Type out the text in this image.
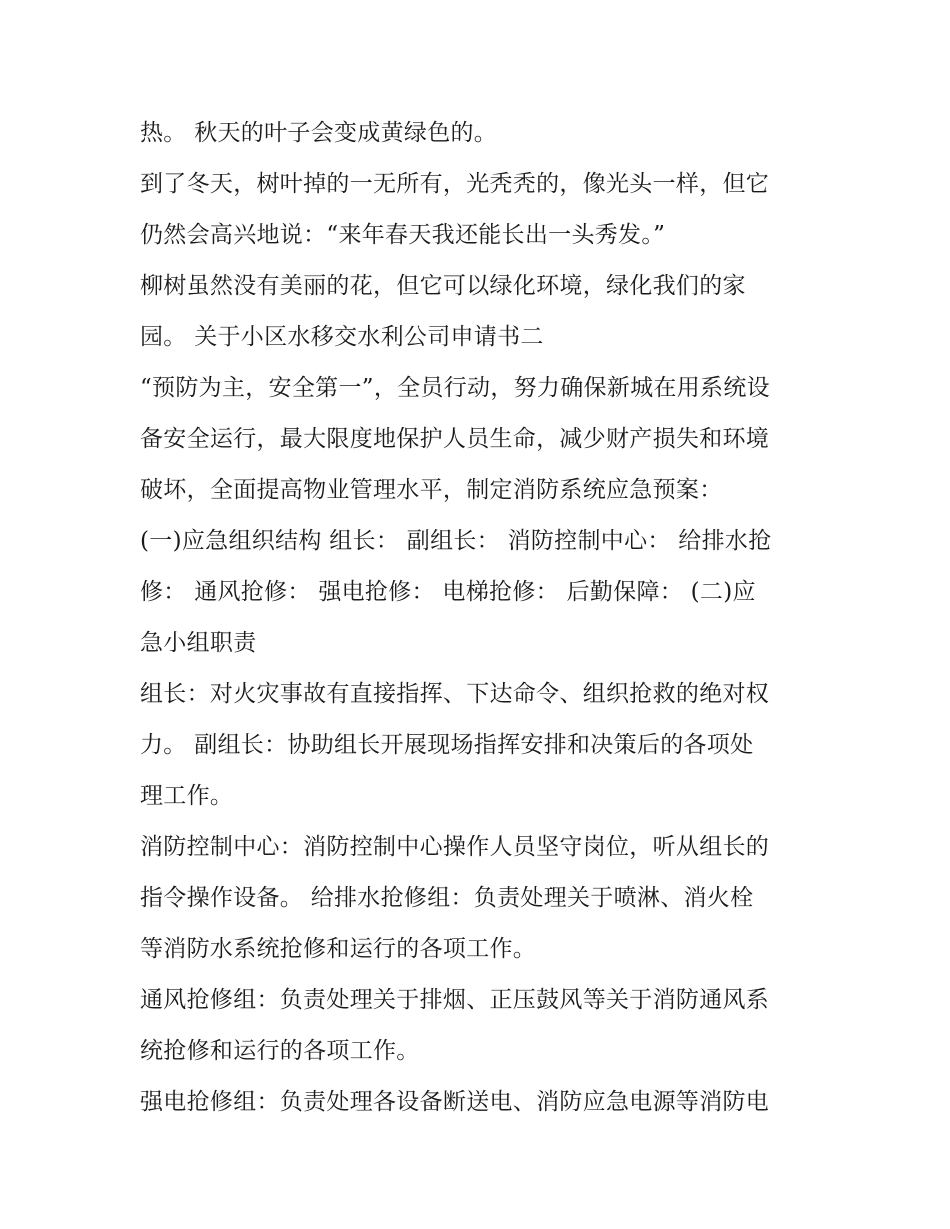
热。 秋天的叶子会变成黄绿色的。
到了冬天，树叶掉的一无所有，光秃秃的，像光头一样，但它
仍然会高兴地说：“来年春天我还能长出一头秀发。”
柳树虽然没有美丽的花，但它可以绿化环境，绿化我们的家
园。 关于小区水移交水利公司申请书二
“预防为主，安全第一”，全员行动，努力确保新城在用系统设
备安全运行，最大限度地保护人员生命，减少财产损失和环境
破坏，全面提高物业管理水平，制定消防系统应急预案：
(一)应急组织结构 组长： 副组长： 消防控制中心： 给排水抢
修： 通风抢修： 强电抢修： 电梯抢修： 后勤保障： (二)应
急小组职责
组长：对火灾事故有直接指挥、下达命令、组织抢救的绝对权
力。 副组长：协助组长开展现场指挥安排和决策后的各项处
理工作。
消防控制中心：消防控制中心操作人员坚守岗位，听从组长的
指令操作设备。 给排水抢修组：负责处理关于喷淋、消火栓
等消防水系统抢修和运行的各项工作。
通风抢修组：负责处理关于排烟、正压鼓风等关于消防通风系
统抢修和运行的各项工作。
强电抢修组：负责处理各设备断送电、消防应急电源等消防电
